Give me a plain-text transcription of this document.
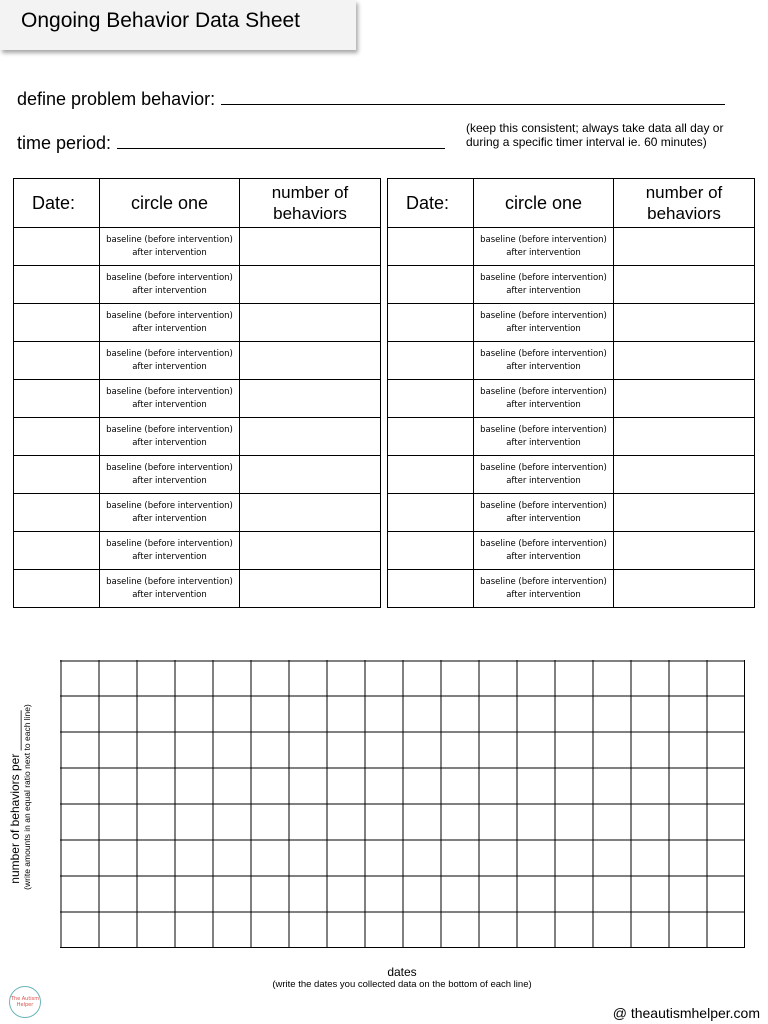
Ongoing Behavior Data Sheet
define problem behavior:
time period:
(keep this consistent; always take data all day or
during a specific timer interval ie. 60 minutes)
Date:	circle one	number of
behaviors
	baseline (before intervention)
after intervention	
	baseline (before intervention)
after intervention	
	baseline (before intervention)
after intervention	
	baseline (before intervention)
after intervention	
	baseline (before intervention)
after intervention	
	baseline (before intervention)
after intervention	
	baseline (before intervention)
after intervention	
	baseline (before intervention)
after intervention	
	baseline (before intervention)
after intervention	
	baseline (before intervention)
after intervention	
Date:	circle one	number of
behaviors
	baseline (before intervention)
after intervention	
	baseline (before intervention)
after intervention	
	baseline (before intervention)
after intervention	
	baseline (before intervention)
after intervention	
	baseline (before intervention)
after intervention	
	baseline (before intervention)
after intervention	
	baseline (before intervention)
after intervention	
	baseline (before intervention)
after intervention	
	baseline (before intervention)
after intervention	
	baseline (before intervention)
after intervention	
number of behaviors per ______ (write amounts in an equal ratio next to each line)
dates
(write the dates you collected data on the bottom of each line)
The Autism
Helper	@ theautismhelper.com
